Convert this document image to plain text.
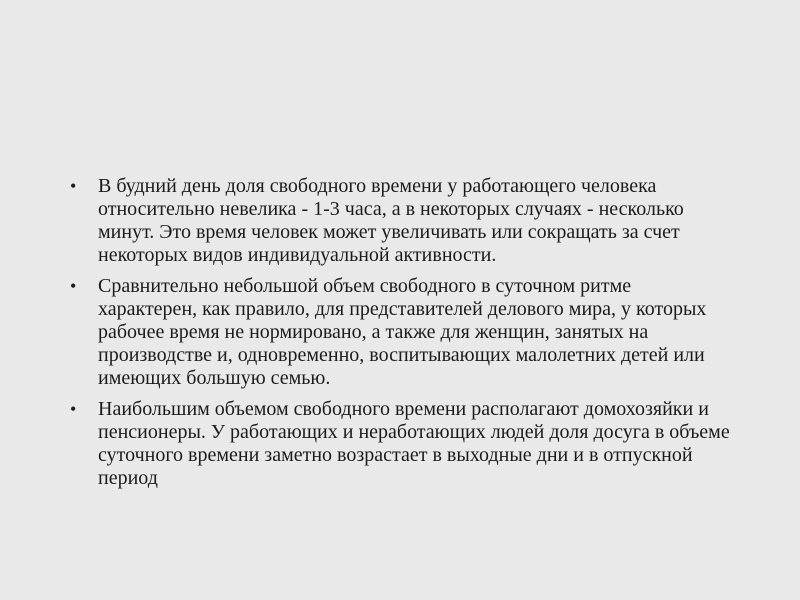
• В будний день доля свободного времени у работающего человека относительно невелика - 1-3 часа, а в некоторых случаях - несколько минут. Это время человек может увеличивать или сокращать за счет некоторых видов индивидуальной активности.
• Сравнительно небольшой объем свободного в суточном ритме характерен, как правило, для представителей делового мира, у которых рабочее время не нормировано, а также для женщин, занятых на производстве и, одновременно, воспитывающих малолетних детей или имеющих большую семью.
• Наибольшим объемом свободного времени располагают домохозяйки и пенсионеры. У работающих и неработающих людей доля досуга в объеме суточного времени заметно возрастает в выходные дни и в отпускной период
